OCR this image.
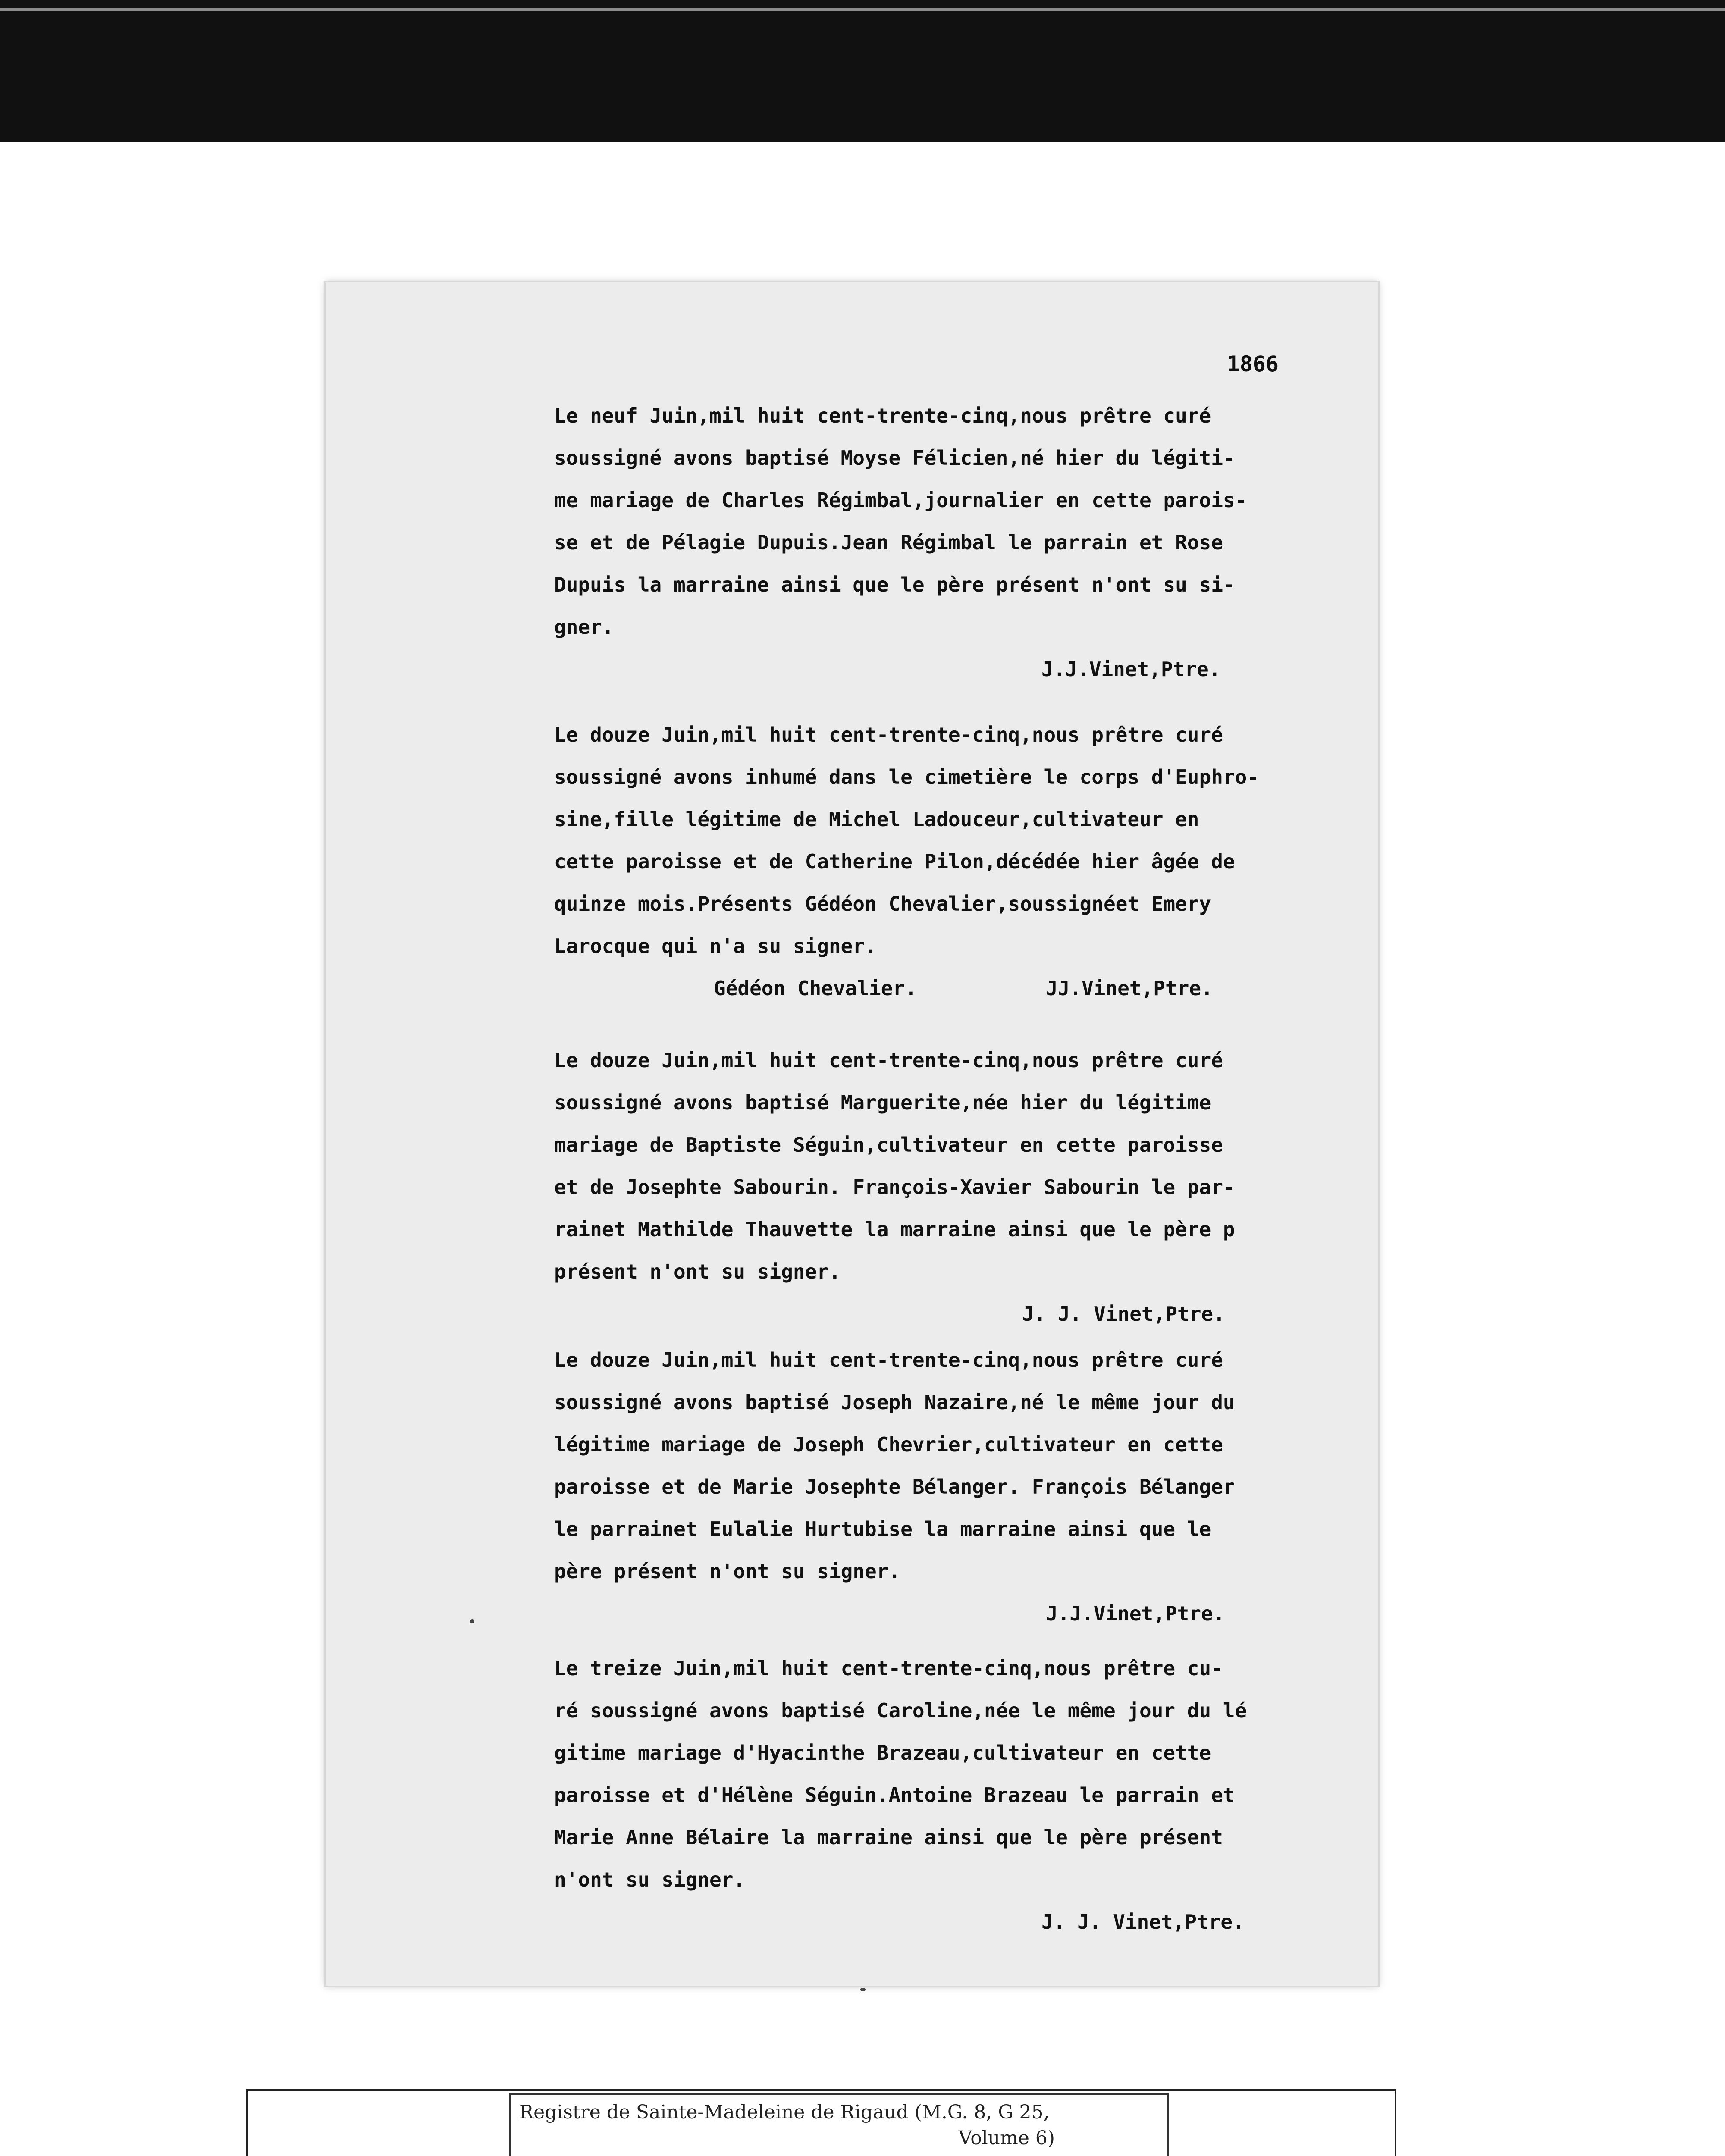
1866
Le neuf Juin,mil huit cent-trente-cinq,nous prêtre curé
soussigné avons baptisé Moyse Félicien,né hier du légiti-
me mariage de Charles Régimbal,journalier en cette parois-
se et de Pélagie Dupuis.Jean Régimbal le parrain et Rose
Dupuis la marraine ainsi que le père présent n'ont su si-
gner.
J.J.Vinet,Ptre.
Le douze Juin,mil huit cent-trente-cinq,nous prêtre curé
soussigné avons inhumé dans le cimetière le corps d'Euphro-
sine,fille légitime de Michel Ladouceur,cultivateur en
cette paroisse et de Catherine Pilon,décédée hier âgée de
quinze mois.Présents Gédéon Chevalier,soussignéet Emery
Larocque qui n'a su signer.
Gédéon Chevalier.	JJ.Vinet,Ptre.
Le douze Juin,mil huit cent-trente-cinq,nous prêtre curé
soussigné avons baptisé Marguerite,née hier du légitime
mariage de Baptiste Séguin,cultivateur en cette paroisse
et de Josephte Sabourin. François-Xavier Sabourin le par-
rainet Mathilde Thauvette la marraine ainsi que le père p
présent n'ont su signer.
J. J. Vinet,Ptre.
Le douze Juin,mil huit cent-trente-cinq,nous prêtre curé
soussigné avons baptisé Joseph Nazaire,né le même jour du
légitime mariage de Joseph Chevrier,cultivateur en cette
paroisse et de Marie Josephte Bélanger. François Bélanger
le parrainet Eulalie Hurtubise la marraine ainsi que le
père présent n'ont su signer.
J.J.Vinet,Ptre.
Le treize Juin,mil huit cent-trente-cinq,nous prêtre cu-
ré soussigné avons baptisé Caroline,née le même jour du lé
gitime mariage d'Hyacinthe Brazeau,cultivateur en cette
paroisse et d'Hélène Séguin.Antoine Brazeau le parrain et
Marie Anne Bélaire la marraine ainsi que le père présent
n'ont su signer.
J. J. Vinet,Ptre.
Registre de Sainte-Madeleine de Rigaud (M.G. 8, G 25,
Volume 6)
